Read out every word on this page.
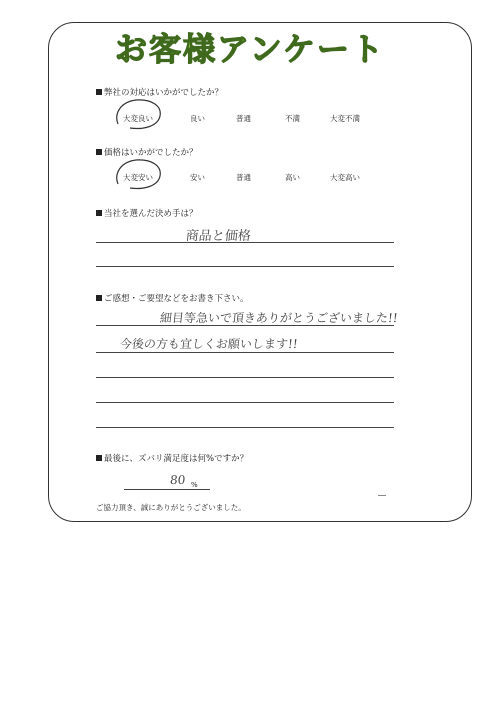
お客様アンケート
弊社の対応はいかがでしたか？
大変良い	良い	普通	不満	大変不満
価格はいかがでしたか？
大変安い	安い	普通	高い	大変高い
当社を選んだ決め手は？
商品と価格
ご感想・ご要望などをお書き下さい。
細目等急いで頂きありがとうございました!!
今後の方も宜しくお願いします!!
最後に、ズバリ満足度は何%ですか？
80 %
ご協力頂き、誠にありがとうございました。
